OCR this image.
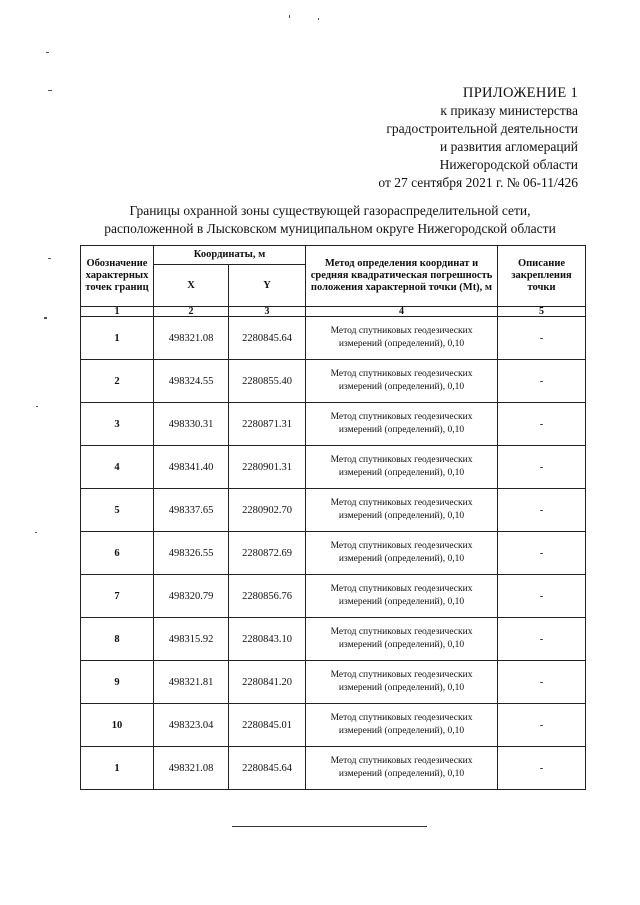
ПРИЛОЖЕНИЕ 1
к приказу министерства
градостроительной деятельности
и развития агломераций
Нижегородской области
от 27 сентября 2021 г. № 06-11/426
Границы охранной зоны существующей газораспределительной сети,
расположенной в Лысковском муниципальном округе Нижегородской области
Обозначение характерных точек границ	Координаты, м		Метод определения координат и средняя квадратическая погрешность положения характерной точки (Mt), м	Описание закрепления точки
	X	Y		
1	2	3	4	5
1	498321.08	2280845.64	Метод спутниковых геодезических измерений (определений), 0,10	-
2	498324.55	2280855.40	Метод спутниковых геодезических измерений (определений), 0,10	-
3	498330.31	2280871.31	Метод спутниковых геодезических измерений (определений), 0,10	-
4	498341.40	2280901.31	Метод спутниковых геодезических измерений (определений), 0,10	-
5	498337.65	2280902.70	Метод спутниковых геодезических измерений (определений), 0,10	-
6	498326.55	2280872.69	Метод спутниковых геодезических измерений (определений), 0,10	-
7	498320.79	2280856.76	Метод спутниковых геодезических измерений (определений), 0,10	-
8	498315.92	2280843.10	Метод спутниковых геодезических измерений (определений), 0,10	-
9	498321.81	2280841.20	Метод спутниковых геодезических измерений (определений), 0,10	-
10	498323.04	2280845.01	Метод спутниковых геодезических измерений (определений), 0,10	-
1	498321.08	2280845.64	Метод спутниковых геодезических измерений (определений), 0,10	-
